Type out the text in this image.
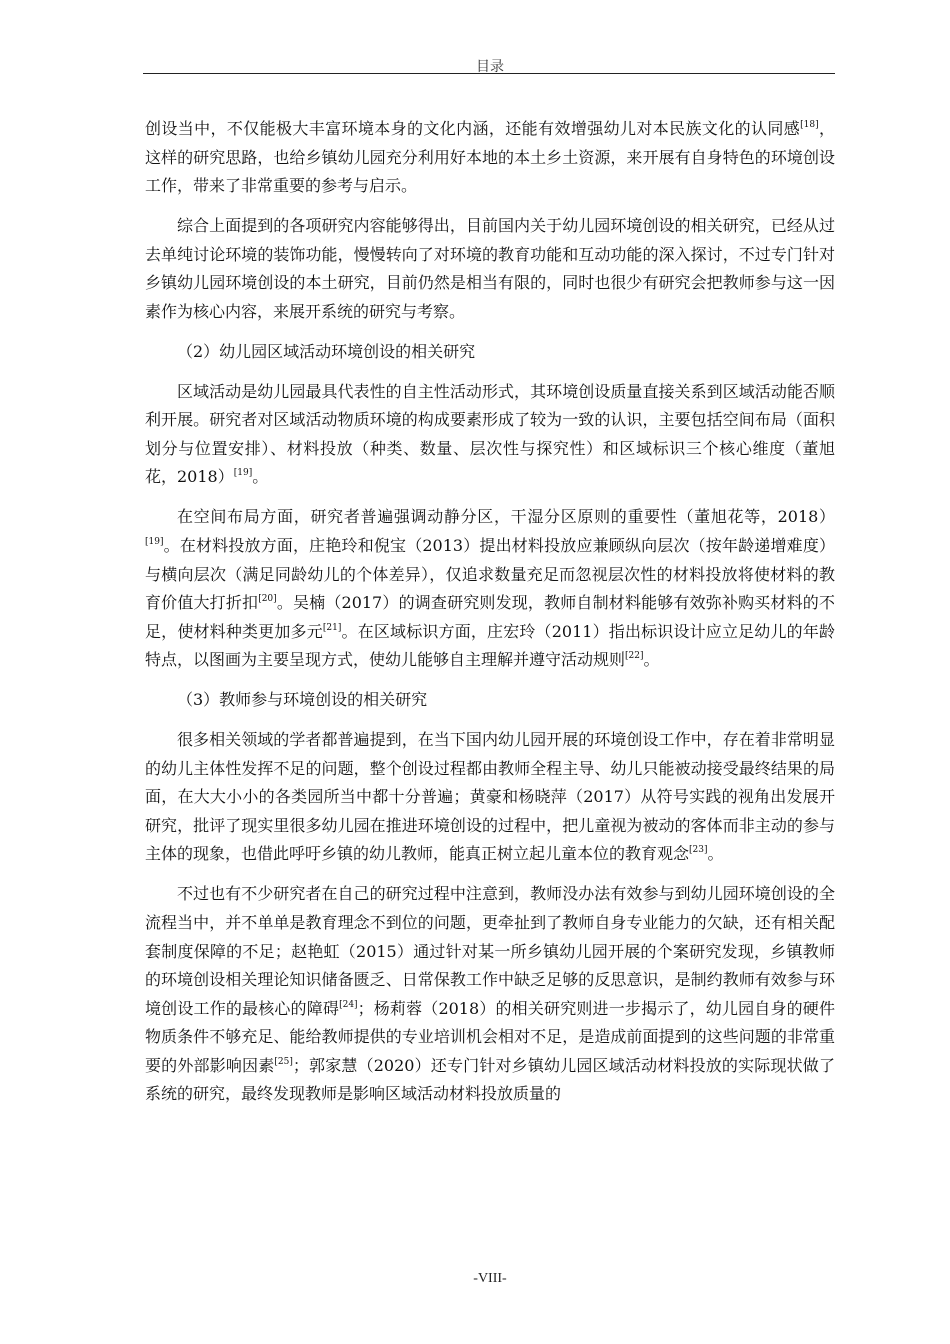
目录

创设当中，不仅能极大丰富环境本身的文化内涵，还能有效增强幼儿对本民族文化的认同感[18]，这样的研究思路，也给乡镇幼儿园充分利用好本地的本土乡土资源，来开展有自身特色的环境创设工作，带来了非常重要的参考与启示。

综合上面提到的各项研究内容能够得出，目前国内关于幼儿园环境创设的相关研究，已经从过去单纯讨论环境的装饰功能，慢慢转向了对环境的教育功能和互动功能的深入探讨，不过专门针对乡镇幼儿园环境创设的本土研究，目前仍然是相当有限的，同时也很少有研究会把教师参与这一因素作为核心内容，来展开系统的研究与考察。

（2）幼儿园区域活动环境创设的相关研究

区域活动是幼儿园最具代表性的自主性活动形式，其环境创设质量直接关系到区域活动能否顺利开展。研究者对区域活动物质环境的构成要素形成了较为一致的认识，主要包括空间布局（面积划分与位置安排）、材料投放（种类、数量、层次性与探究性）和区域标识三个核心维度（董旭花，2018）[19]。

在空间布局方面，研究者普遍强调动静分区，干湿分区原则的重要性（董旭花等，2018）[19]。在材料投放方面，庄艳玲和倪宝（2013）提出材料投放应兼顾纵向层次（按年龄递增难度）与横向层次（满足同龄幼儿的个体差异），仅追求数量充足而忽视层次性的材料投放将使材料的教育价值大打折扣[20]。吴楠（2017）的调查研究则发现，教师自制材料能够有效弥补购买材料的不足，使材料种类更加多元[21]。在区域标识方面，庄宏玲（2011）指出标识设计应立足幼儿的年龄特点，以图画为主要呈现方式，使幼儿能够自主理解并遵守活动规则[22]。

（3）教师参与环境创设的相关研究

很多相关领域的学者都普遍提到，在当下国内幼儿园开展的环境创设工作中，存在着非常明显的幼儿主体性发挥不足的问题，整个创设过程都由教师全程主导、幼儿只能被动接受最终结果的局面，在大大小小的各类园所当中都十分普遍；黄豪和杨晓萍（2017）从符号实践的视角出发展开研究，批评了现实里很多幼儿园在推进环境创设的过程中，把儿童视为被动的客体而非主动的参与主体的现象，也借此呼吁乡镇的幼儿教师，能真正树立起儿童本位的教育观念[23]。

不过也有不少研究者在自己的研究过程中注意到，教师没办法有效参与到幼儿园环境创设的全流程当中，并不单单是教育理念不到位的问题，更牵扯到了教师自身专业能力的欠缺，还有相关配套制度保障的不足；赵艳虹（2015）通过针对某一所乡镇幼儿园开展的个案研究发现，乡镇教师的环境创设相关理论知识储备匮乏、日常保教工作中缺乏足够的反思意识，是制约教师有效参与环境创设工作的最核心的障碍[24]；杨莉蓉（2018）的相关研究则进一步揭示了，幼儿园自身的硬件物质条件不够充足、能给教师提供的专业培训机会相对不足，是造成前面提到的这些问题的非常重要的外部影响因素[25]；郭家慧（2020）还专门针对乡镇幼儿园区域活动材料投放的实际现状做了系统的研究，最终发现教师是影响区域活动材料投放质量的

-VIII-
